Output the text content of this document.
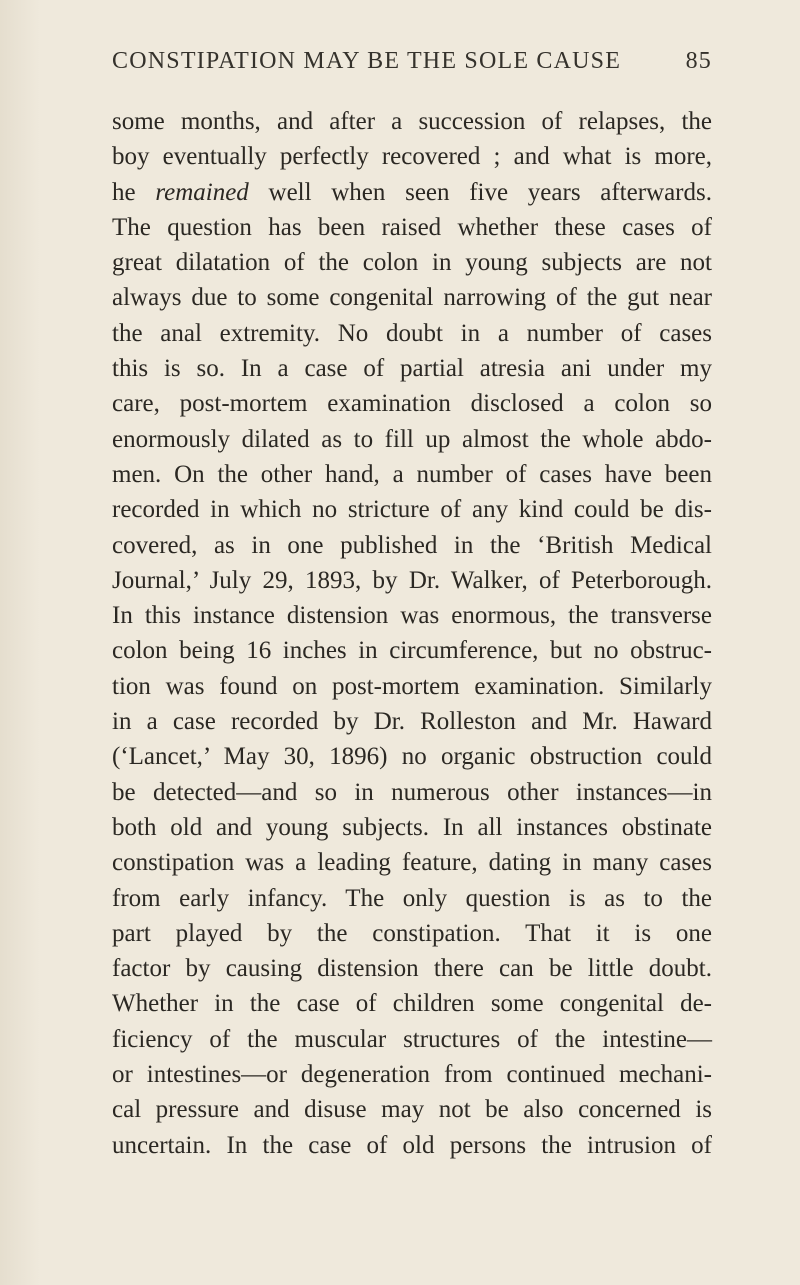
CONSTIPATION MAY BE THE SOLE CAUSE	85
some months, and after a succession of relapses, the
boy eventually perfectly recovered ; and what is more,
he remained well when seen five years afterwards.
The question has been raised whether these cases of
great dilatation of the colon in young subjects are not
always due to some congenital narrowing of the gut near
the anal extremity. No doubt in a number of cases
this is so. In a case of partial atresia ani under my
care, post-mortem examination disclosed a colon so
enormously dilated as to fill up almost the whole abdo-
men. On the other hand, a number of cases have been
recorded in which no stricture of any kind could be dis-
covered, as in one published in the ‘British Medical
Journal,’ July 29, 1893, by Dr. Walker, of Peterborough.
In this instance distension was enormous, the transverse
colon being 16 inches in circumference, but no obstruc-
tion was found on post-mortem examination. Similarly
in a case recorded by Dr. Rolleston and Mr. Haward
(‘Lancet,’ May 30, 1896) no organic obstruction could
be detected—and so in numerous other instances—in
both old and young subjects. In all instances obstinate
constipation was a leading feature, dating in many cases
from early infancy. The only question is as to the
part played by the constipation. That it is one
factor by causing distension there can be little doubt.
Whether in the case of children some congenital de-
ficiency of the muscular structures of the intestine—
or intestines—or degeneration from continued mechani-
cal pressure and disuse may not be also concerned is
uncertain. In the case of old persons the intrusion of
